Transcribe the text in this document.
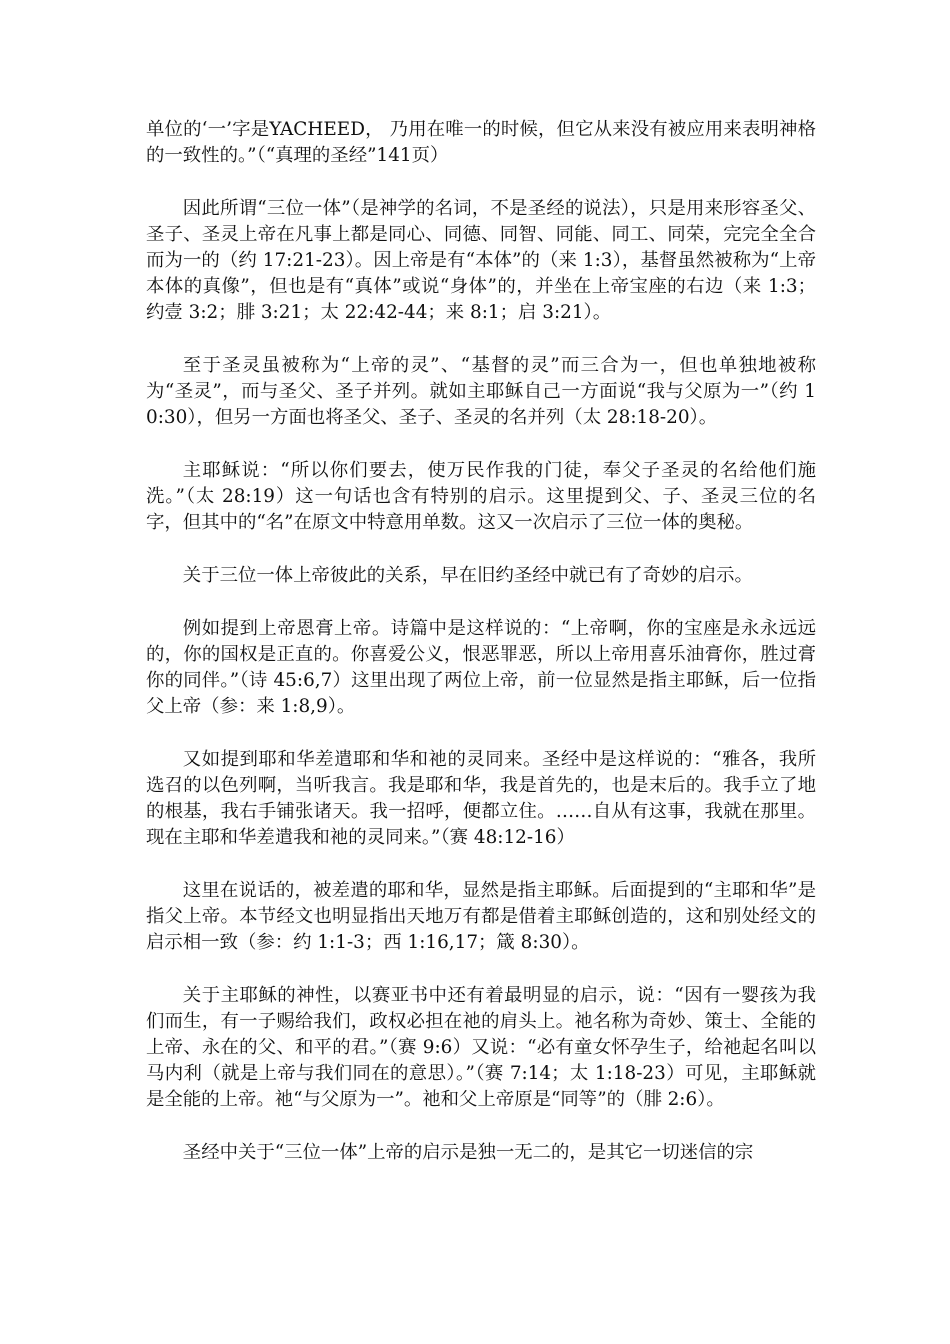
单位的‘一’字是YACHEED， 乃用在唯一的时候，但它从来没有被应用来表明神格的一致性的。”（“真理的圣经”141页）

因此所谓“三位一体”（是神学的名词，不是圣经的说法），只是用来形容圣父、圣子、圣灵上帝在凡事上都是同心、同德、同智、同能、同工、同荣，完完全全合而为一的（约 17:21-23）。因上帝是有“本体”的（来 1:3），基督虽然被称为“上帝本体的真像”，但也是有“真体”或说“身体”的，并坐在上帝宝座的右边（来 1:3；约壹 3:2；腓 3:21；太 22:42-44；来 8:1；启 3:21）。

至于圣灵虽被称为“上帝的灵”、“基督的灵”而三合为一，但也单独地被称为“圣灵”，而与圣父、圣子并列。就如主耶稣自己一方面说“我与父原为一”（约 10:30），但另一方面也将圣父、圣子、圣灵的名并列（太 28:18-20）。

主耶稣说：“所以你们要去，使万民作我的门徒，奉父子圣灵的名给他们施洗。”（太 28:19）这一句话也含有特别的启示。这里提到父、子、圣灵三位的名字，但其中的“名”在原文中特意用单数。这又一次启示了三位一体的奥秘。

关于三位一体上帝彼此的关系，早在旧约圣经中就已有了奇妙的启示。

例如提到上帝恩膏上帝。诗篇中是这样说的：“上帝啊，你的宝座是永永远远的，你的国权是正直的。你喜爱公义，恨恶罪恶，所以上帝用喜乐油膏你，胜过膏你的同伴。”（诗 45:6,7）这里出现了两位上帝，前一位显然是指主耶稣，后一位指父上帝（参：来 1:8,9）。

又如提到耶和华差遣耶和华和祂的灵同来。圣经中是这样说的：“雅各，我所选召的以色列啊，当听我言。我是耶和华，我是首先的，也是末后的。我手立了地的根基，我右手铺张诸天。我一招呼，便都立住。……自从有这事，我就在那里。现在主耶和华差遣我和祂的灵同来。”（赛 48:12-16）

这里在说话的，被差遣的耶和华，显然是指主耶稣。后面提到的“主耶和华”是指父上帝。本节经文也明显指出天地万有都是借着主耶稣创造的，这和别处经文的启示相一致（参：约 1:1-3；西 1:16,17；箴 8:30）。

关于主耶稣的神性，以赛亚书中还有着最明显的启示，说：“因有一婴孩为我们而生，有一子赐给我们，政权必担在祂的肩头上。祂名称为奇妙、策士、全能的上帝、永在的父、和平的君。”（赛 9:6）又说：“必有童女怀孕生子，给祂起名叫以马内利（就是上帝与我们同在的意思）。”（赛 7:14；太 1:18-23）可见，主耶稣就是全能的上帝。祂“与父原为一”。祂和父上帝原是“同等”的（腓 2:6）。

圣经中关于“三位一体”上帝的启示是独一无二的，是其它一切迷信的宗
